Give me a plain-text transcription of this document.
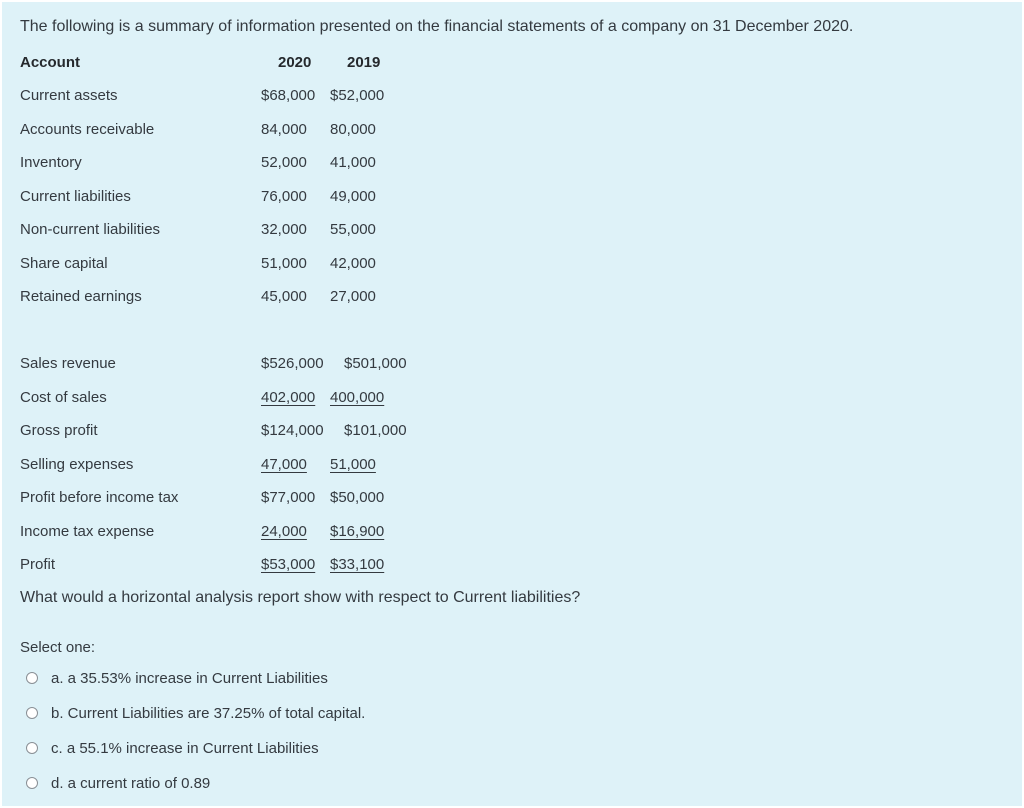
The following is a summary of information presented on the financial statements of a company on 31 December 2020.
Account	2020 2019
Current assets	$68,000 $52,000
Accounts receivable	84,000 80,000
Inventory	52,000 41,000
Current liabilities	76,000 49,000
Non-current liabilities	32,000 55,000
Share capital	51,000 42,000
Retained earnings	45,000 27,000
Sales revenue	$526,000 $501,000
Cost of sales	402,000 400,000
Gross profit	$124,000 $101,000
Selling expenses	47,000 51,000
Profit before income tax	$77,000 $50,000
Income tax expense	24,000 $16,900
Profit	$53,000 $33,100
What would a horizontal analysis report show with respect to Current liabilities?
Select one:
a. a 35.53% increase in Current Liabilities
b. Current Liabilities are 37.25% of total capital.
c. a 55.1% increase in Current Liabilities
d. a current ratio of 0.89
